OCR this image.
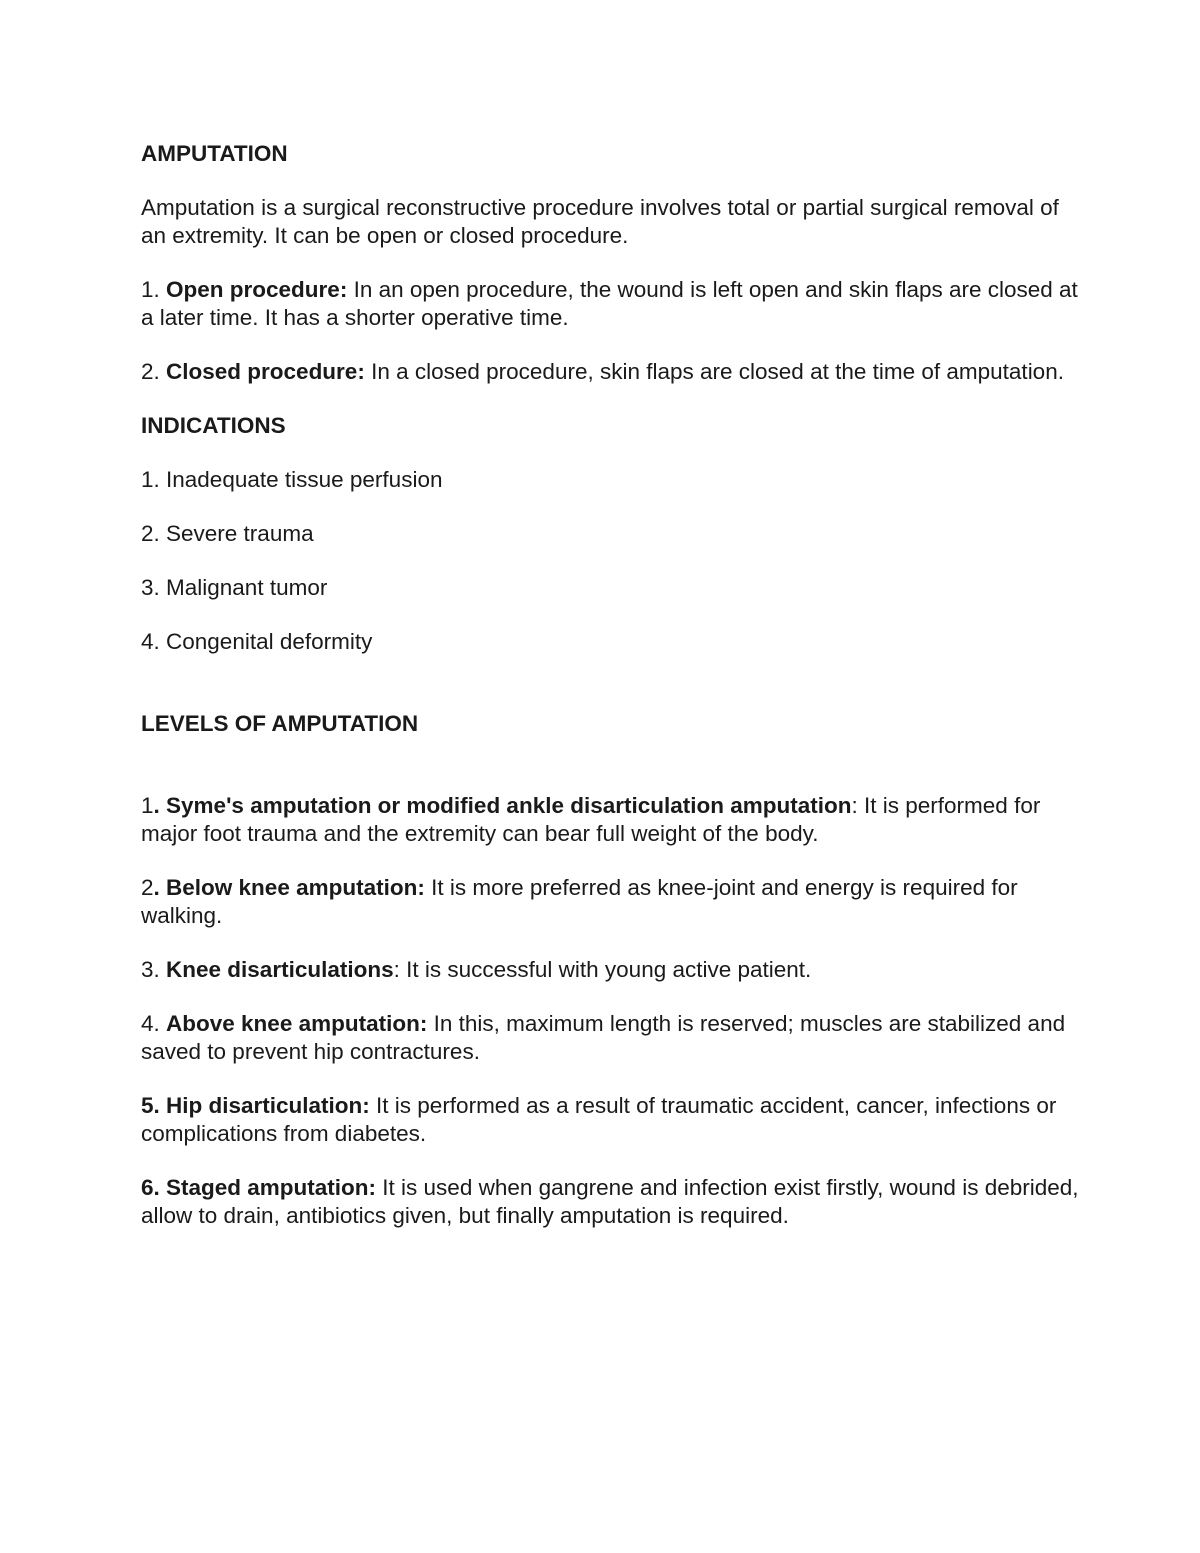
AMPUTATION

Amputation is a surgical reconstructive procedure involves total or partial surgical removal of an extremity. It can be open or closed procedure.

1. Open procedure: In an open procedure, the wound is left open and skin flaps are closed at a later time. It has a shorter operative time.

2. Closed procedure: In a closed procedure, skin flaps are closed at the time of amputation.

INDICATIONS

1. Inadequate tissue perfusion

2. Severe trauma

3. Malignant tumor

4. Congenital deformity

LEVELS OF AMPUTATION

1. Syme's amputation or modified ankle disarticulation amputation: It is performed for major foot trauma and the extremity can bear full weight of the body.

2. Below knee amputation: It is more preferred as knee-joint and energy is required for walking.

3. Knee disarticulations: It is successful with young active patient.

4. Above knee amputation: In this, maximum length is reserved; muscles are stabilized and saved to prevent hip contractures.

5. Hip disarticulation: It is performed as a result of traumatic accident, cancer, infections or complications from diabetes.

6. Staged amputation: It is used when gangrene and infection exist firstly, wound is debrided, allow to drain, antibiotics given, but finally amputation is required.
